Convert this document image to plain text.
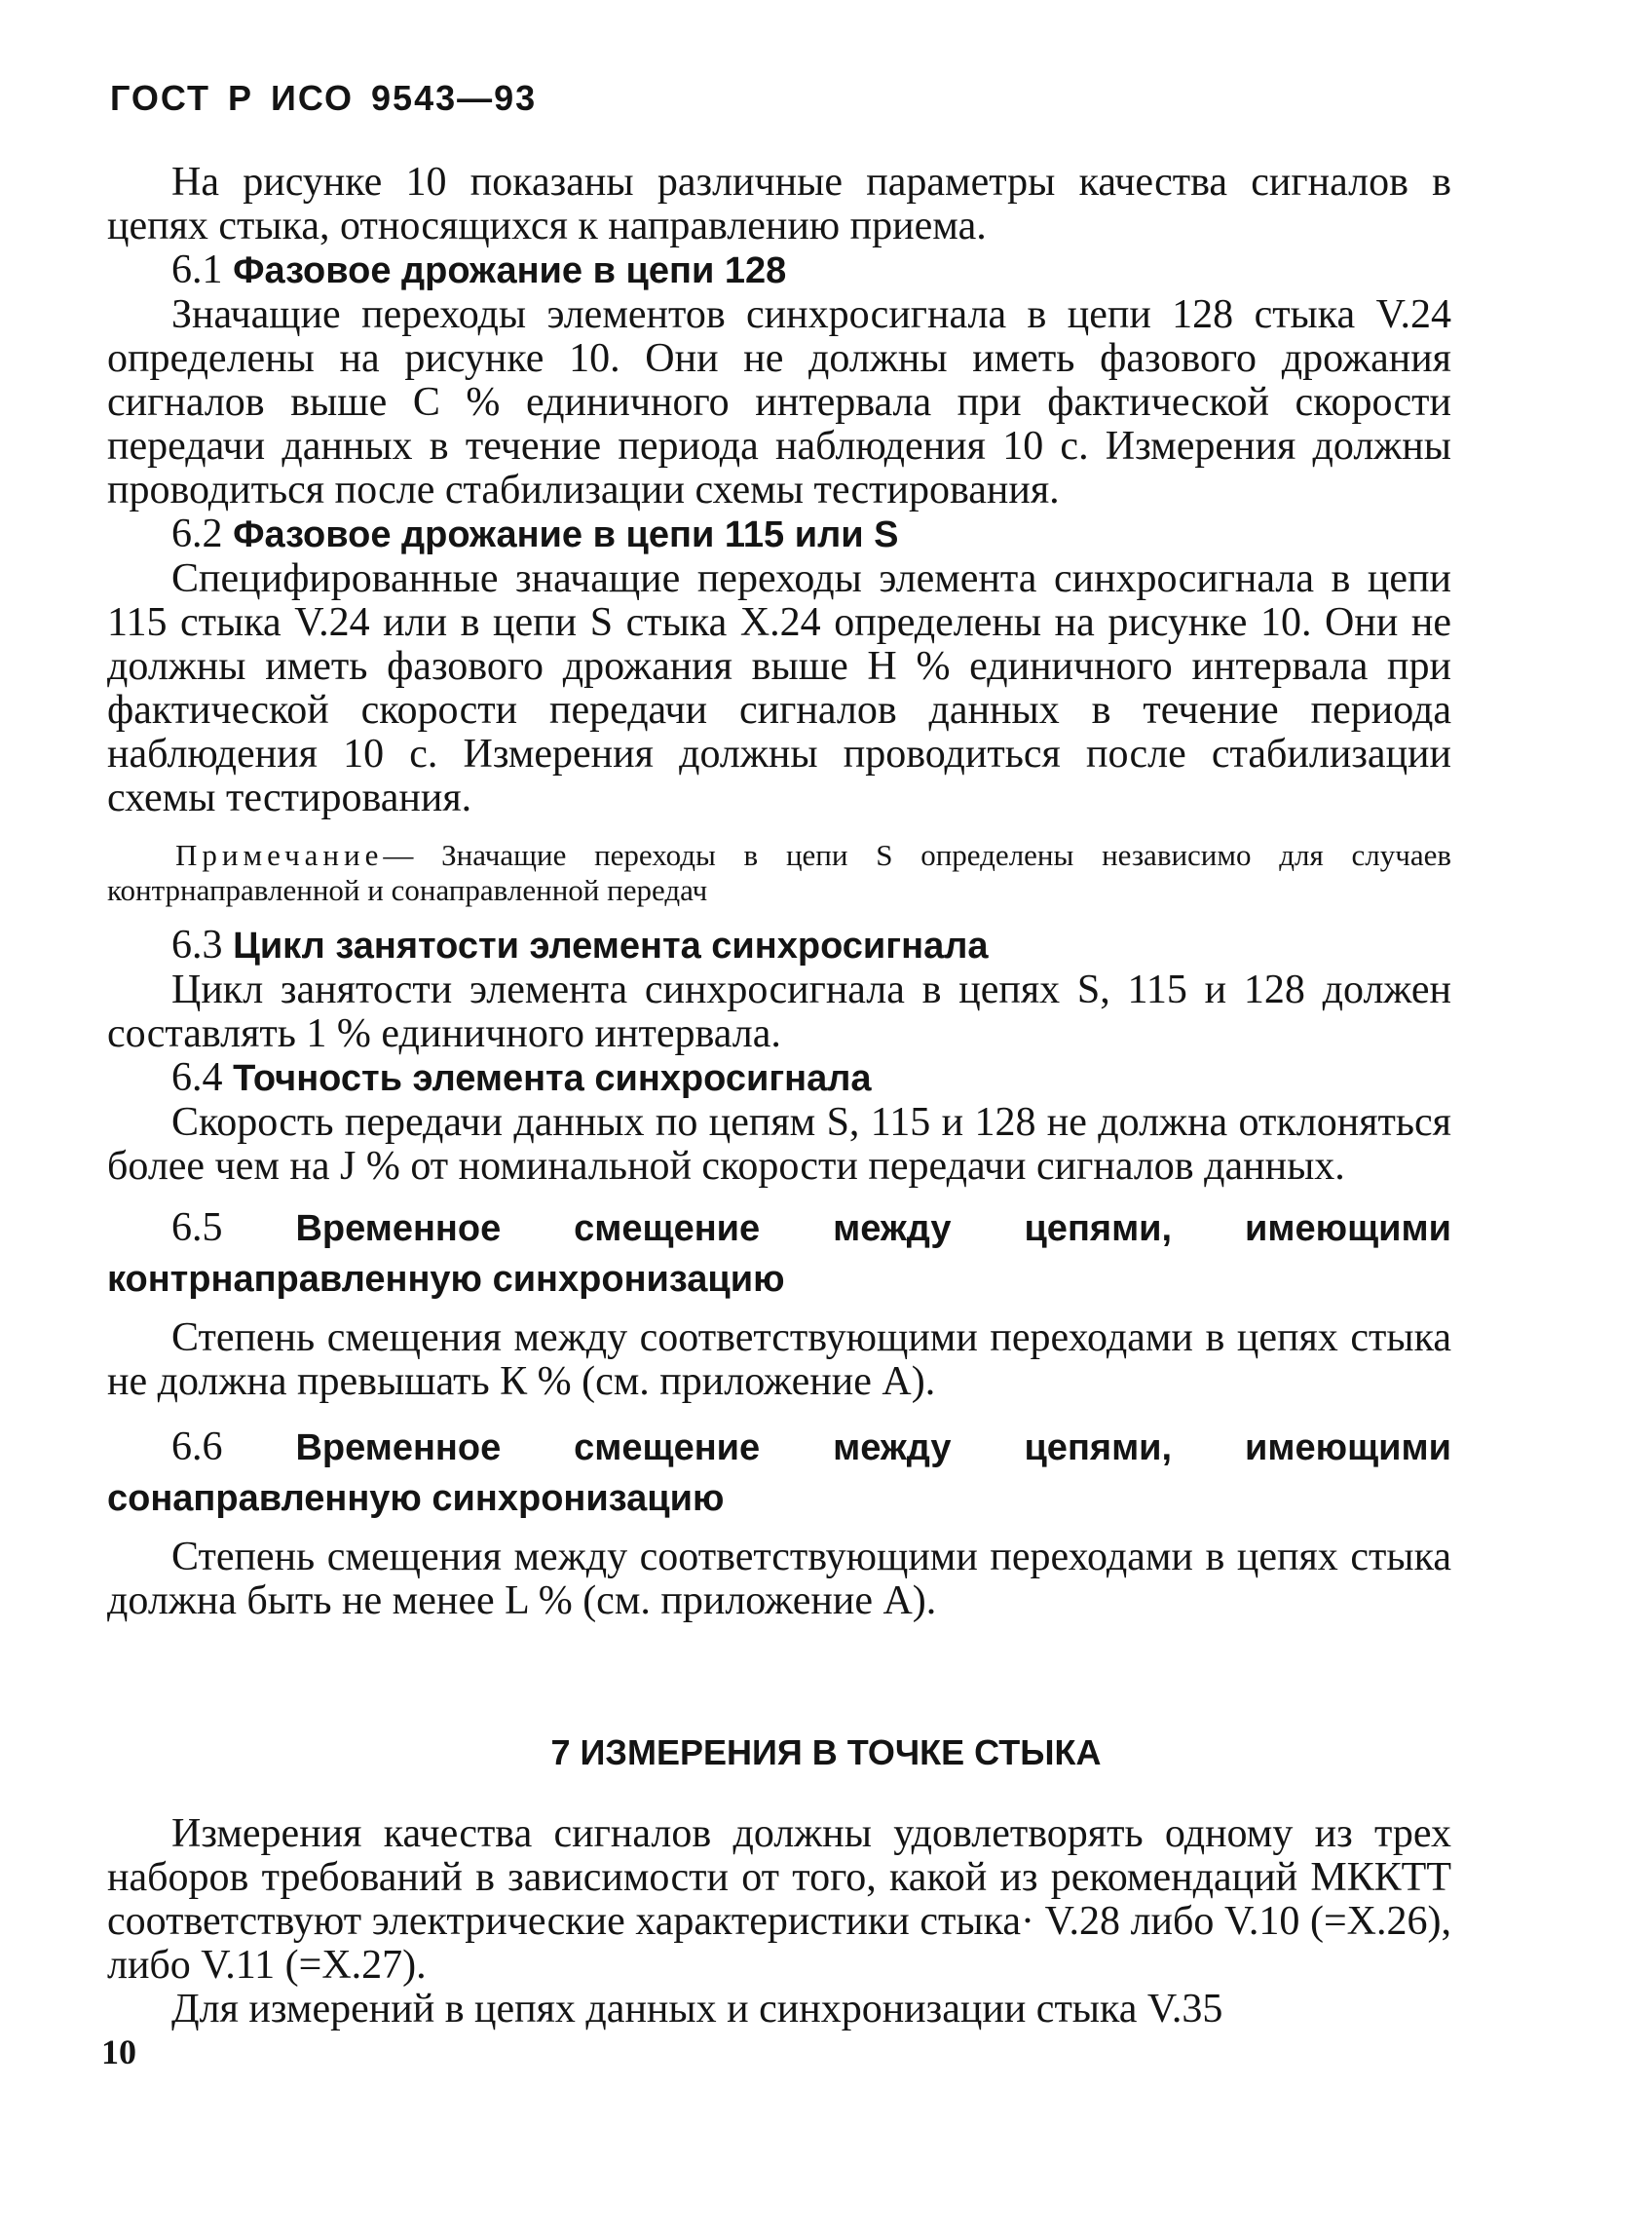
ГОСТ Р ИСО 9543—93

На рисунке 10 показаны различные параметры качества сигналов в цепях стыка, относящихся к направлению приема.

6.1 Фазовое дрожание в цепи 128

Значащие переходы элементов синхросигнала в цепи 128 стыка V.24 определены на рисунке 10. Они не должны иметь фазового дрожания сигналов выше С % единичного интервала при фактической скорости передачи данных в течение периода наблюдения 10 с. Измерения должны проводиться после стабилизации схемы тестирования.

6.2 Фазовое дрожание в цепи 115 или S

Специфированные значащие переходы элемента синхросигнала в цепи 115 стыка V.24 или в цепи S стыка X.24 определены на рисунке 10. Они не должны иметь фазового дрожания выше Н % единичного интервала при фактической скорости передачи сигналов данных в течение периода наблюдения 10 с. Измерения должны проводиться после стабилизации схемы тестирования.

Примечание— Значащие переходы в цепи S определены независимо для случаев контрнаправленной и сонаправленной передач

6.3 Цикл занятости элемента синхросигнала

Цикл занятости элемента синхросигнала в цепях S, 115 и 128 должен составлять 1 % единичного интервала.

6.4 Точность элемента синхросигнала

Скорость передачи данных по цепям S, 115 и 128 не должна отклоняться более чем на J % от номинальной скорости передачи сигналов данных.

6.5 Временное смещение между цепями, имеющими контрнаправленную синхронизацию

Степень смещения между соответствующими переходами в цепях стыка не должна превышать К % (см. приложение А).

6.6 Временное смещение между цепями, имеющими сонаправленную синхронизацию

Степень смещения между соответствующими переходами в цепях стыка должна быть не менее L % (см. приложение А).

7 ИЗМЕРЕНИЯ В ТОЧКЕ СТЫКА

Измерения качества сигналов должны удовлетворять одному из трех наборов требований в зависимости от того, какой из рекомендаций МККТТ соответствуют электрические характеристики стыка· V.28 либо V.10 (=X.26), либо V.11 (=X.27).

Для измерений в цепях данных и синхронизации стыка V.35

10
